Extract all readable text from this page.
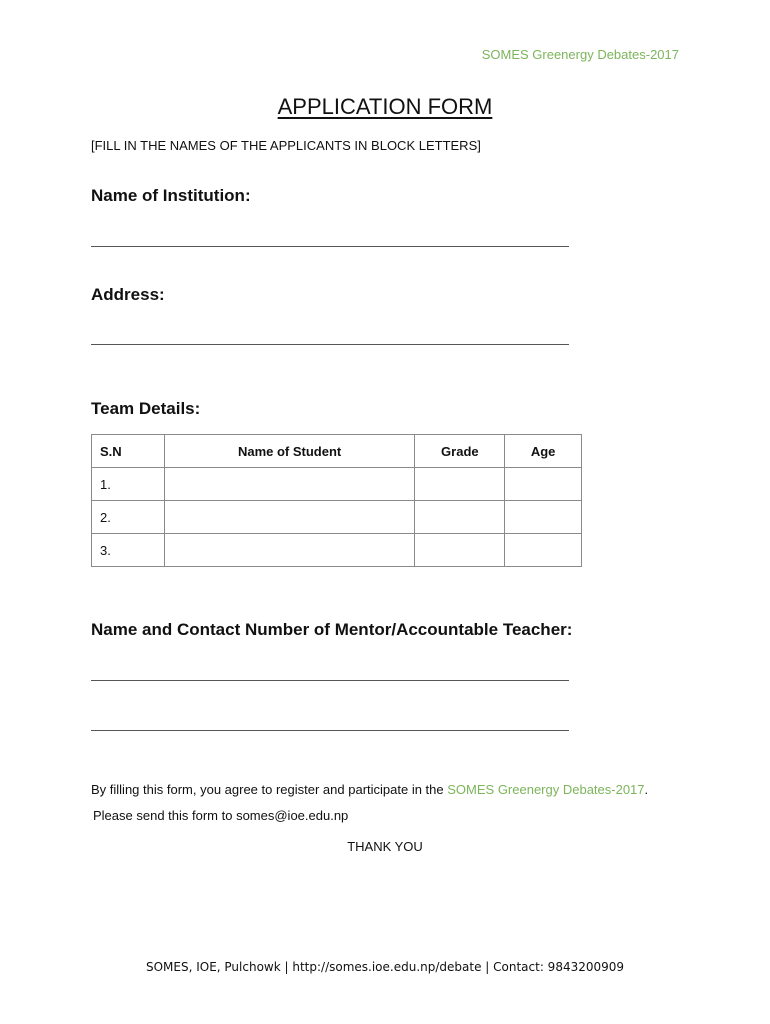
SOMES Greenergy Debates-2017
APPLICATION FORM
[FILL IN THE NAMES OF THE APPLICANTS IN BLOCK LETTERS]
Name of Institution:
Address:
Team Details:
S.N	Name of Student	Grade	Age
1.			
2.			
3.			
Name and Contact Number of Mentor/Accountable Teacher:
By filling this form, you agree to register and participate in the SOMES Greenergy Debates-2017.
Please send this form to somes@ioe.edu.np
THANK YOU
SOMES, IOE, Pulchowk | http://somes.ioe.edu.np/debate | Contact: 9843200909
